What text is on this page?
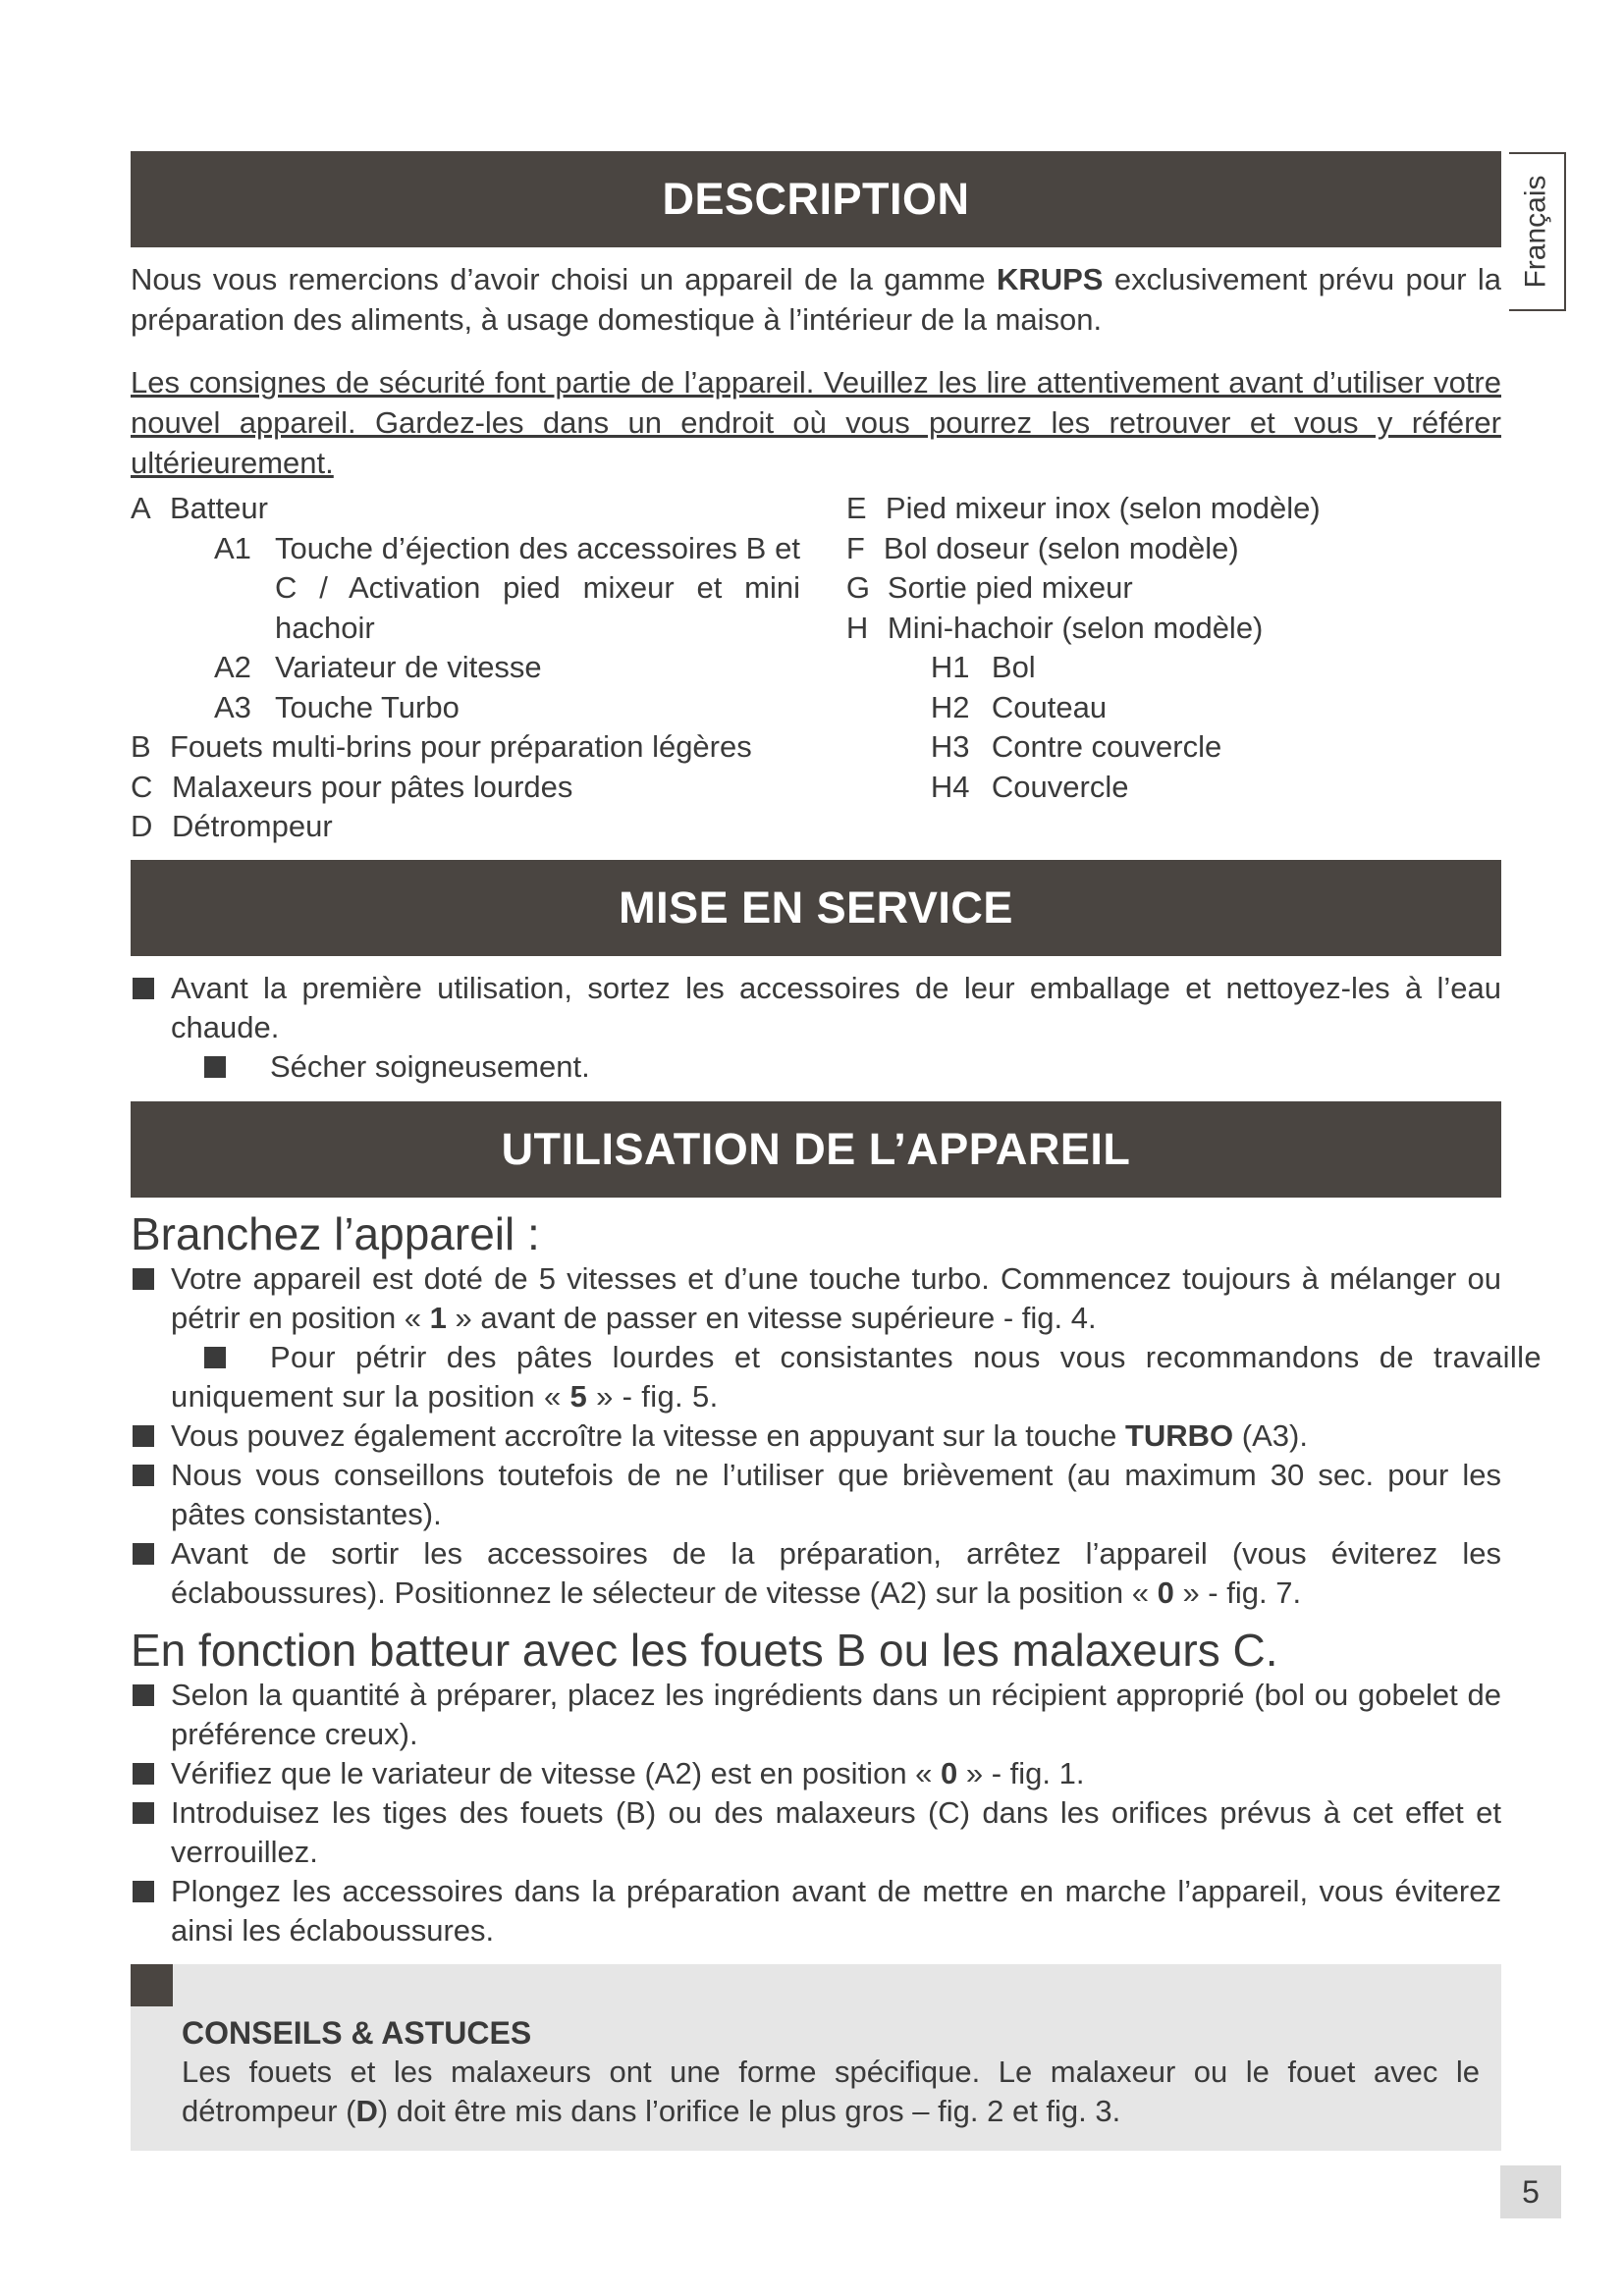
Français
DESCRIPTION

Nous vous remercions d’avoir choisi un appareil de la gamme KRUPS exclusivement prévu pour la préparation des aliments, à usage domestique à l’intérieur de la maison.

Les consignes de sécurité font partie de l’appareil. Veuillez les lire attentivement avant d’utiliser votre nouvel appareil. Gardez-les dans un endroit où vous pourrez les retrouver et vous y référer ultérieurement.

A Batteur
A1 Touche d’éjection des accessoires B et C / Activation pied mixeur et mini hachoir
A2 Variateur de vitesse
A3 Touche Turbo
B Fouets multi-brins pour préparation légères
C Malaxeurs pour pâtes lourdes
D Détrompeur
E Pied mixeur inox (selon modèle)
F Bol doseur (selon modèle)
G Sortie pied mixeur
H Mini-hachoir (selon modèle)
H1 Bol
H2 Couteau
H3 Contre couvercle
H4 Couvercle
MISE EN SERVICE

Avant la première utilisation, sortez les accessoires de leur emballage et nettoyez-les à l’eau chaude.

Sécher soigneusement.

UTILISATION DE L’APPAREIL
Branchez l’appareil :

Votre appareil est doté de 5 vitesses et d’une touche turbo. Commencez toujours à mélanger ou pétrir en position « 1 » avant de passer en vitesse supérieure - fig. 4.

Pour pétrir des pâtes lourdes et consistantes nous vous recommandons de travaille uniquement sur la position « 5 » - fig. 5.

Vous pouvez également accroître la vitesse en appuyant sur la touche TURBO (A3).

Nous vous conseillons toutefois de ne l’utiliser que brièvement (au maximum 30 sec. pour les pâtes consistantes).

Avant de sortir les accessoires de la préparation, arrêtez l’appareil (vous éviterez les éclaboussures). Positionnez le sélecteur de vitesse (A2) sur la position « 0 » - fig. 7.

En fonction batteur avec les fouets B ou les malaxeurs C.

Selon la quantité à préparer, placez les ingrédients dans un récipient approprié (bol ou gobelet de préférence creux).

Vérifiez que le variateur de vitesse (A2) est en position « 0 » - fig. 1.

Introduisez les tiges des fouets (B) ou des malaxeurs (C) dans les orifices prévus à cet effet et verrouillez.

Plongez les accessoires dans la préparation avant de mettre en marche l’appareil, vous éviterez ainsi les éclaboussures.

CONSEILS & ASTUCES
Les fouets et les malaxeurs ont une forme spécifique. Le malaxeur ou le fouet avec le détrompeur (D) doit être mis dans l’orifice le plus gros – fig. 2 et fig. 3.
5
